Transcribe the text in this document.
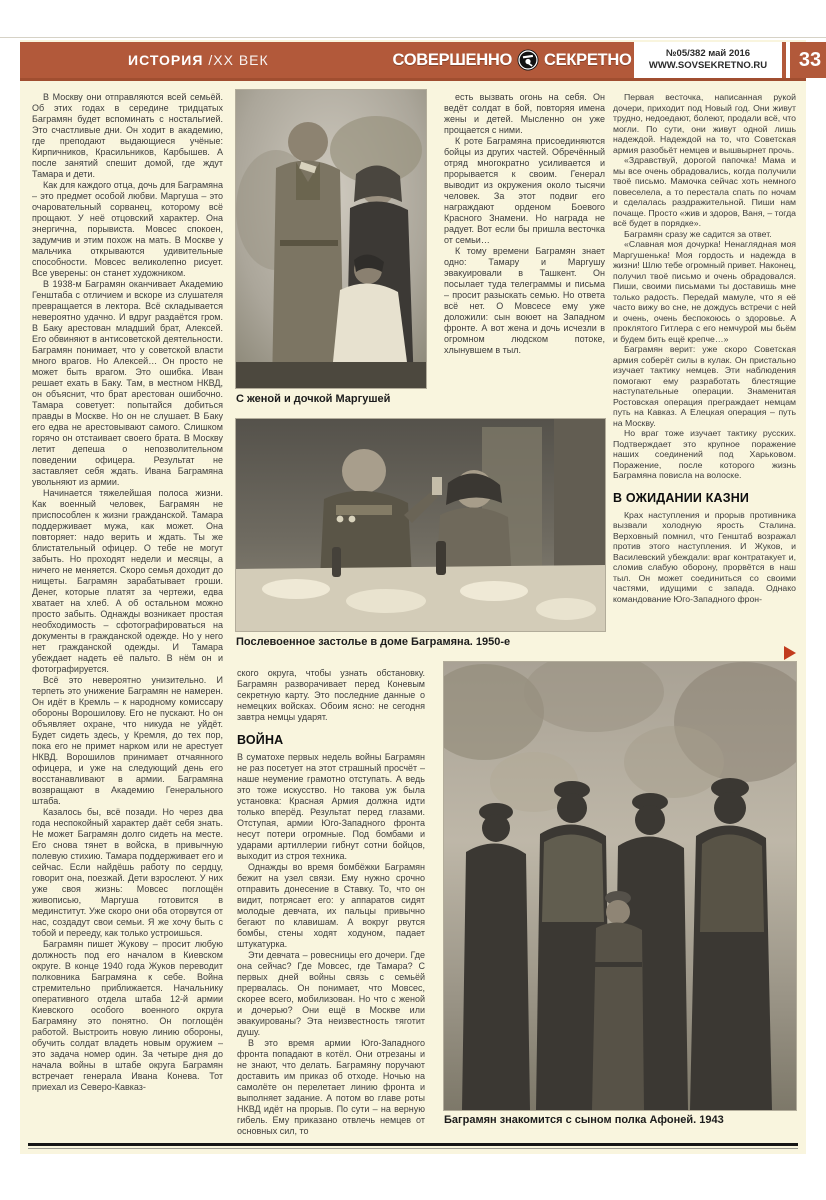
ИСТОРИЯ /XX ВЕК	СОВЕРШЕННО СЕКРЕТНО	№05/382 май 2016
WWW.SOVSEKRETNO.RU 33

В Москву они отправляются всей семьёй. Об этих годах в середине тридцатых Баграмян будет вспоминать с ностальгией. Это счастливые дни. Он ходит в академию, где преподают выдающиеся учёные: Кирпичников, Красильников, Карбышев. А после занятий спешит домой, где ждут Тамара и дети.

Как для каждого отца, дочь для Баграмяна – это предмет особой любви. Маргуша – это очаровательный сорванец, которому всё прощают. У неё отцовский характер. Она энергична, порывиста. Мовсес спокоен, задумчив и этим похож на мать. В Москве у мальчика открываются удивительные способности. Мовсес великолепно рисует. Все уверены: он станет художником.

В 1938-м Баграмян оканчивает Академию Генштаба с отличием и вскоре из слушателя превращается в лектора. Всё складывается невероятно удачно. И вдруг раздаётся гром. В Баку арестован младший брат, Алексей. Его обвиняют в антисоветской деятельности. Баграмян понимает, что у советской власти много врагов. Но Алексей… Он просто не может быть врагом. Это ошибка. Иван решает ехать в Баку. Там, в местном НКВД, он объяснит, что брат арестован ошибочно. Тамара советует: попытайся добиться правды в Москве. Но он не слушает. В Баку его едва не арестовывают самого. Слишком горячо он отстаивает своего брата. В Москву летит депеша о непозволительном поведении офицера. Результат не заставляет себя ждать. Ивана Баграмяна увольняют из армии.

Начинается тяжелейшая полоса жизни. Как военный человек, Баграмян не приспособлен к жизни гражданской. Тамара поддерживает мужа, как может. Она повторяет: надо верить и ждать. Ты же блистательный офицер. О тебе не могут забыть. Но проходят недели и месяцы, а ничего не меняется. Скоро семья доходит до нищеты. Баграмян зарабатывает гроши. Денег, которые платят за чертежи, едва хватает на хлеб. А об остальном можно просто забыть. Однажды возникает простая необходимость – сфотографироваться на документы в гражданской одежде. Но у него нет гражданской одежды. И Тамара убеждает надеть её пальто. В нём он и фотографируется.

Всё это невероятно унизительно. И терпеть это унижение Баграмян не намерен. Он идёт в Кремль – к народному комиссару обороны Ворошилову. Его не пускают. Но он объявляет охране, что никуда не уйдёт. Будет сидеть здесь, у Кремля, до тех пор, пока его не примет нарком или не арестует НКВД. Ворошилов принимает отчаянного офицера, и уже на следующий день его восстанавливают в армии. Баграмяна возвращают в Академию Генерального штаба.

Казалось бы, всё позади. Но через два года неспокойный характер даёт себя знать. Не может Баграмян долго сидеть на месте. Его снова тянет в войска, в привычную полевую стихию. Тамара поддерживает его и сейчас. Если найдёшь работу по сердцу, говорит она, поезжай. Дети взрослеют. У них уже своя жизнь: Мовсес поглощён живописью, Маргуша готовится в мединститут. Уже скоро они оба оторвутся от нас, создадут свои семьи. Я же хочу быть с тобой и перееду, как только устроишься.

Баграмян пишет Жукову – просит любую должность под его началом в Киевском округе. В конце 1940 года Жуков переводит полковника Баграмяна к себе. Война стремительно приближается. Начальнику оперативного отдела штаба 12-й армии Киевского особого военного округа Баграмяну это понятно. Он поглощён работой. Выстроить новую линию обороны, обучить солдат владеть новым оружием – это задача номер один. За четыре дня до начала войны в штабе округа Баграмян встречает генерала Ивана Конева. Тот приехал из Северо-Кавказ-

С женой и дочкой Маргушей
Послевоенное застолье в доме Баграмяна. 1950-е

есть вызвать огонь на себя. Он ведёт солдат в бой, повторяя имена жены и детей. Мысленно он уже прощается с ними.

К роте Баграмяна присоединяются бойцы из других частей. Обречённый отряд многократно усиливается и прорывается к своим. Генерал выводит из окружения около тысячи человек. За этот подвиг его награждают орденом Боевого Красного Знамени. Но награда не радует. Вот если бы пришла весточка от семьи…

К тому времени Баграмян знает одно: Тамару и Маргушу эвакуировали в Ташкент. Он посылает туда телеграммы и письма – просит разыскать семью. Но ответа всё нет. О Мовсесе ему уже доложили: сын воюет на Западном фронте. А вот жена и дочь исчезли в огромном людском потоке, хлынувшем в тыл.

Первая весточка, написанная рукой дочери, приходит под Новый год. Они живут трудно, недоедают, болеют, продали всё, что могли. По сути, они живут одной лишь надеждой. Надеждой на то, что Советская армия разобьёт немцев и вышвырнет прочь.

«Здравствуй, дорогой папочка! Мама и мы все очень обрадовались, когда получили твоё письмо. Мамочка сейчас хоть немного повеселела, а то перестала спать по ночам и сделалась раздражительной. Пиши нам почаще. Просто «жив и здоров, Ваня, – тогда всё будет в порядке».

Баграмян сразу же садится за ответ.

«Славная моя дочурка! Ненаглядная моя Маргушенька! Моя гордость и надежда в жизни! Шлю тебе огромный привет. Наконец, получил твоё письмо и очень обрадовался. Пиши, своими письмами ты доставишь мне только радость. Передай мамуле, что я её часто вижу во сне, не дождусь встречи с ней и очень, очень беспокоюсь о здоровье. А проклятого Гитлера с его немчурой мы бьём и будем бить ещё крепче…»

Баграмян верит: уже скоро Советская армия соберёт силы в кулак. Он пристально изучает тактику немцев. Эти наблюдения помогают ему разработать блестящие наступательные операции. Знаменитая Ростовская операция преграждает немцам путь на Кавказ. А Елецкая операция – путь на Москву.

Но враг тоже изучает тактику русских. Подтверждает это крупное поражение наших соединений под Харьковом. Поражение, после которого жизнь Баграмяна повисла на волоске.

В ОЖИДАНИИ КАЗНИ

Крах наступления и прорыв противника вызвали холодную ярость Сталина. Верховный помнил, что Генштаб возражал против этого наступления. И Жуков, и Василевский убеждали: враг контратакует и, сломив слабую оборону, прорвётся в наш тыл. Он может соединиться со своими частями, идущими с запада. Однако командование Юго-Западного фрон-

ского округа, чтобы узнать обстановку. Баграмян разворачивает перед Коневым секретную карту. Это последние данные о немецких войсках. Обоим ясно: не сегодня завтра немцы ударят.

ВОЙНА

В суматохе первых недель войны Баграмян не раз посетует на этот страшный просчёт – наше неумение грамотно отступать. А ведь это тоже искусство. Но такова уж была установка: Красная Армия должна идти только вперёд. Результат перед глазами. Отступая, армии Юго-Западного фронта несут потери огромные. Под бомбами и ударами артиллерии гибнут сотни бойцов, выходит из строя техника.

Однажды во время бомбёжки Баграмян бежит на узел связи. Ему нужно срочно отправить донесение в Ставку. То, что он видит, потрясает его: у аппаратов сидят молодые девчата, их пальцы привычно бегают по клавишам. А вокруг рвутся бомбы, стены ходят ходуном, падает штукатурка.

Эти девчата – ровесницы его дочери. Где она сейчас? Где Мовсес, где Тамара? С первых дней войны связь с семьёй прервалась. Он понимает, что Мовсес, скорее всего, мобилизован. Но что с женой и дочерью? Они ещё в Москве или эвакуированы? Эта неизвестность тяготит душу.

В это время армии Юго-Западного фронта попадают в котёл. Они отрезаны и не знают, что делать. Баграмяну поручают доставить им приказ об отходе. Ночью на самолёте он перелетает линию фронта и выполняет задание. А потом во главе роты НКВД идёт на прорыв. По сути – на верную гибель. Ему приказано отвлечь немцев от основных сил, то

Баграмян знакомится с сыном полка Афоней. 1943
